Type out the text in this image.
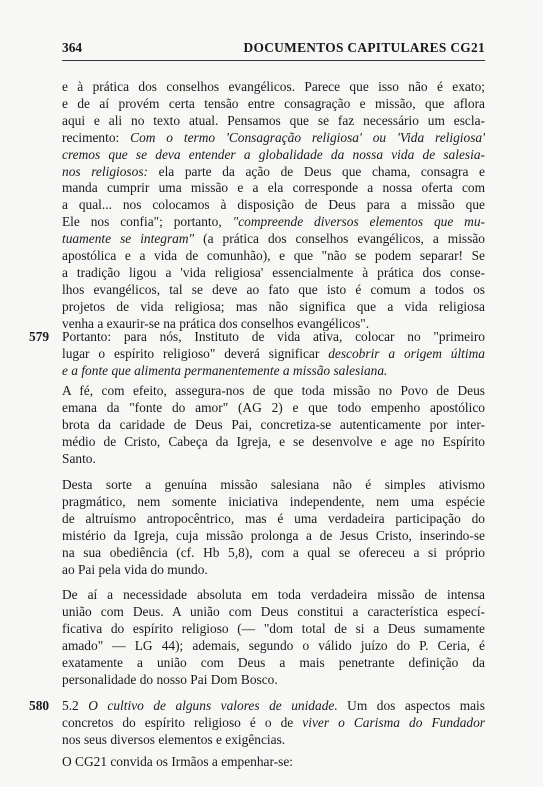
364	DOCUMENTOS CAPITULARES CG21
e à prática dos conselhos evangélicos. Parece que isso não é exato;
e de aí provém certa tensão entre consagração e missão, que aflora
aqui e ali no texto atual. Pensamos que se faz necessário um escla-
recimento: Com o termo 'Consagração religiosa' ou 'Vida religiosa'
cremos que se deva entender a globalidade da nossa vida de salesia-
nos religiosos: ela parte da ação de Deus que chama, consagra e
manda cumprir uma missão e a ela corresponde a nossa oferta com
a qual... nos colocamos à disposição de Deus para a missão que
Ele nos confia"; portanto, "compreende diversos elementos que mu-
tuamente se integram" (a prática dos conselhos evangélicos, a missão
apostólica e a vida de comunhão), e que "não se podem separar! Se
a tradição ligou a 'vida religiosa' essencialmente à prática dos conse-
lhos evangélicos, tal se deve ao fato que isto é comum a todos os
projetos de vida religiosa; mas não significa que a vida religiosa
venha a exaurir-se na prática dos conselhos evangélicos".
579 Portanto: para nós, Instituto de vida ativa, colocar no "primeiro
lugar o espírito religioso" deverá significar descobrir a origem última
e a fonte que alimenta permanentemente a missão salesiana.
A fé, com efeito, assegura-nos de que toda missão no Povo de Deus
emana da "fonte do amor" (AG 2) e que todo empenho apostólico
brota da caridade de Deus Pai, concretiza-se autenticamente por inter-
médio de Cristo, Cabeça da Igreja, e se desenvolve e age no Espírito
Santo.
Desta sorte a genuína missão salesiana não é simples ativismo
pragmático, nem somente iniciativa independente, nem uma espécie
de altruísmo antropocêntrico, mas é uma verdadeira participação do
mistério da Igreja, cuja missão prolonga a de Jesus Cristo, inserindo-se
na sua obediência (cf. Hb 5,8), com a qual se ofereceu a si próprio
ao Pai pela vida do mundo.
De aí a necessidade absoluta em toda verdadeira missão de intensa
união com Deus. A união com Deus constitui a característica especí-
ficativa do espírito religioso (— "dom total de si a Deus sumamente
amado" — LG 44); ademais, segundo o válido juízo do P. Ceria, é
exatamente a união com Deus a mais penetrante definição da
personalidade do nosso Pai Dom Bosco.
580 5.2 O cultivo de alguns valores de unidade. Um dos aspectos mais
concretos do espírito religioso é o de viver o Carisma do Fundador
nos seus diversos elementos e exigências.
O CG21 convida os Irmãos a empenhar-se:
